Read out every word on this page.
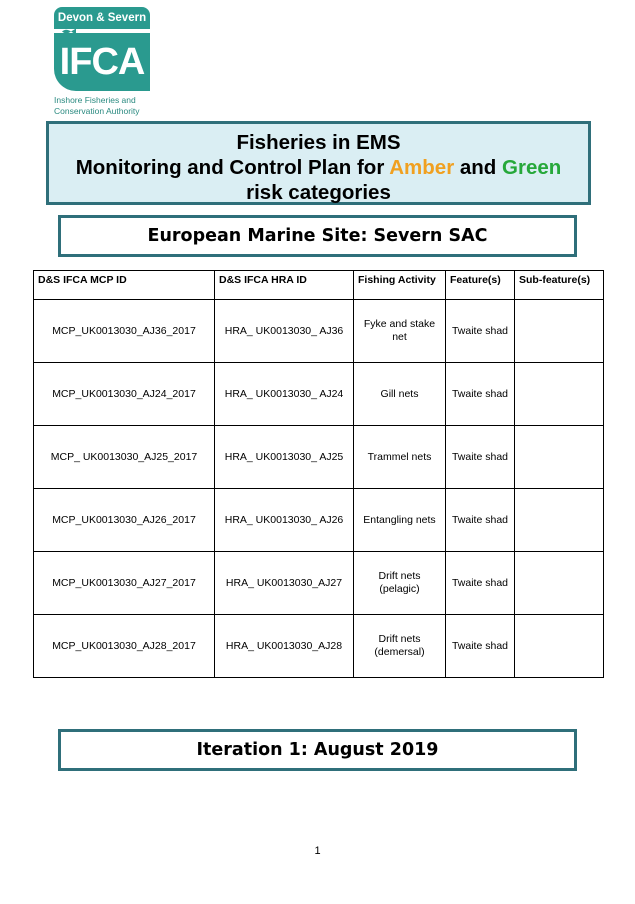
Devon & Severn
IFCA
Inshore Fisheries and
Conservation Authority
Fisheries in EMS
Monitoring and Control Plan for Amber and Green
risk categories
European Marine Site: Severn SAC
D&S IFCA MCP ID	D&S IFCA HRA ID	Fishing Activity	Feature(s)	Sub-feature(s)
MCP_UK0013030_AJ36_2017	HRA_ UK0013030_ AJ36	Fyke and stake net	Twaite shad	
MCP_UK0013030_AJ24_2017	HRA_ UK0013030_ AJ24	Gill nets	Twaite shad	
MCP_ UK0013030_AJ25_2017	HRA_ UK0013030_ AJ25	Trammel nets	Twaite shad	
MCP_UK0013030_AJ26_2017	HRA_ UK0013030_ AJ26	Entangling nets	Twaite shad	
MCP_UK0013030_AJ27_2017	HRA_ UK0013030_AJ27	Drift nets (pelagic)	Twaite shad	
MCP_UK0013030_AJ28_2017	HRA_ UK0013030_AJ28	Drift nets (demersal)	Twaite shad	
Iteration 1: August 2019
1
